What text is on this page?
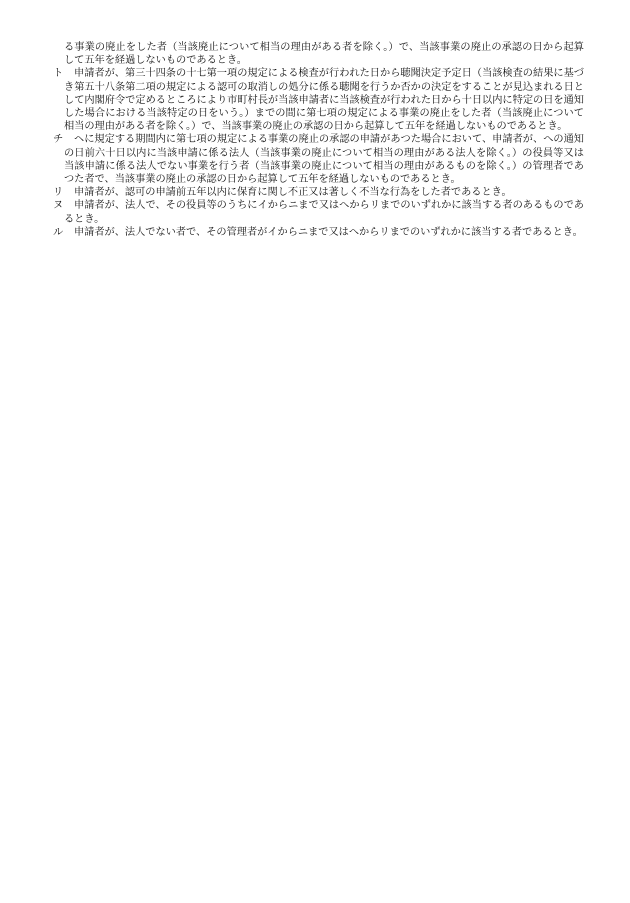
る事業の廃止をした者（当該廃止について相当の理由がある者を除く。）で、当該事業の廃止の承認の日から起算して五年を経過しないものであるとき。

ト 申請者が、第三十四条の十七第一項の規定による検査が行われた日から聴聞決定予定日（当該検査の結果に基づき第五十八条第二項の規定による認可の取消しの処分に係る聴聞を行うか否かの決定をすることが見込まれる日として内閣府令で定めるところにより市町村長が当該申請者に当該検査が行われた日から十日以内に特定の日を通知した場合における当該特定の日をいう。）までの間に第七項の規定による事業の廃止をした者（当該廃止について相当の理由がある者を除く。）で、当該事業の廃止の承認の日から起算して五年を経過しないものであるとき。

チ ヘに規定する期間内に第七項の規定による事業の廃止の承認の申請があつた場合において、申請者が、への通知の日前六十日以内に当該申請に係る法人（当該事業の廃止について相当の理由がある法人を除く。）の役員等又は当該申請に係る法人でない事業を行う者（当該事業の廃止について相当の理由があるものを除く。）の管理者であつた者で、当該事業の廃止の承認の日から起算して五年を経過しないものであるとき。

リ 申請者が、認可の申請前五年以内に保育に関し不正又は著しく不当な行為をした者であるとき。

ヌ 申請者が、法人で、その役員等のうちにイからニまで又はへからリまでのいずれかに該当する者のあるものであるとき。

ル 申請者が、法人でない者で、その管理者がイからニまで又はへからリまでのいずれかに該当する者であるとき。
